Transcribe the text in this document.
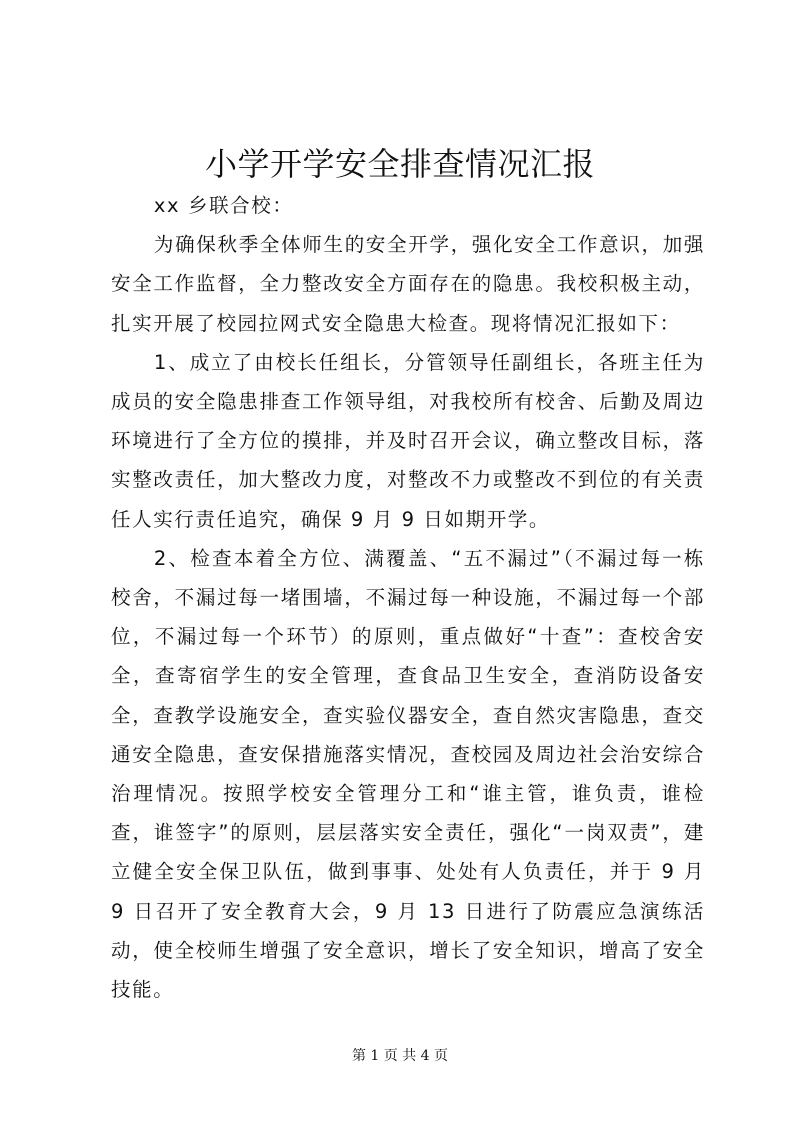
小学开学安全排查情况汇报

xx 乡联合校：

为确保秋季全体师生的安全开学，强化安全工作意识，加强安全工作监督，全力整改安全方面存在的隐患。我校积极主动，扎实开展了校园拉网式安全隐患大检查。现将情况汇报如下：

1、成立了由校长任组长，分管领导任副组长，各班主任为成员的安全隐患排查工作领导组，对我校所有校舍、后勤及周边环境进行了全方位的摸排，并及时召开会议，确立整改目标，落实整改责任，加大整改力度，对整改不力或整改不到位的有关责任人实行责任追究，确保 9 月 9 日如期开学。

2、检查本着全方位、满覆盖、“五不漏过”（不漏过每一栋校舍，不漏过每一堵围墙，不漏过每一种设施，不漏过每一个部位，不漏过每一个环节）的原则，重点做好“十查”：查校舍安全，查寄宿学生的安全管理，查食品卫生安全，查消防设备安全，查教学设施安全，查实验仪器安全，查自然灾害隐患，查交通安全隐患，查安保措施落实情况，查校园及周边社会治安综合治理情况。按照学校安全管理分工和“谁主管，谁负责，谁检查，谁签字”的原则，层层落实安全责任，强化“一岗双责”，建立健全安全保卫队伍，做到事事、处处有人负责任，并于 9 月 9 日召开了安全教育大会，9 月 13 日进行了防震应急演练活动，使全校师生增强了安全意识，增长了安全知识，增高了安全技能。

第 1 页 共 4 页
